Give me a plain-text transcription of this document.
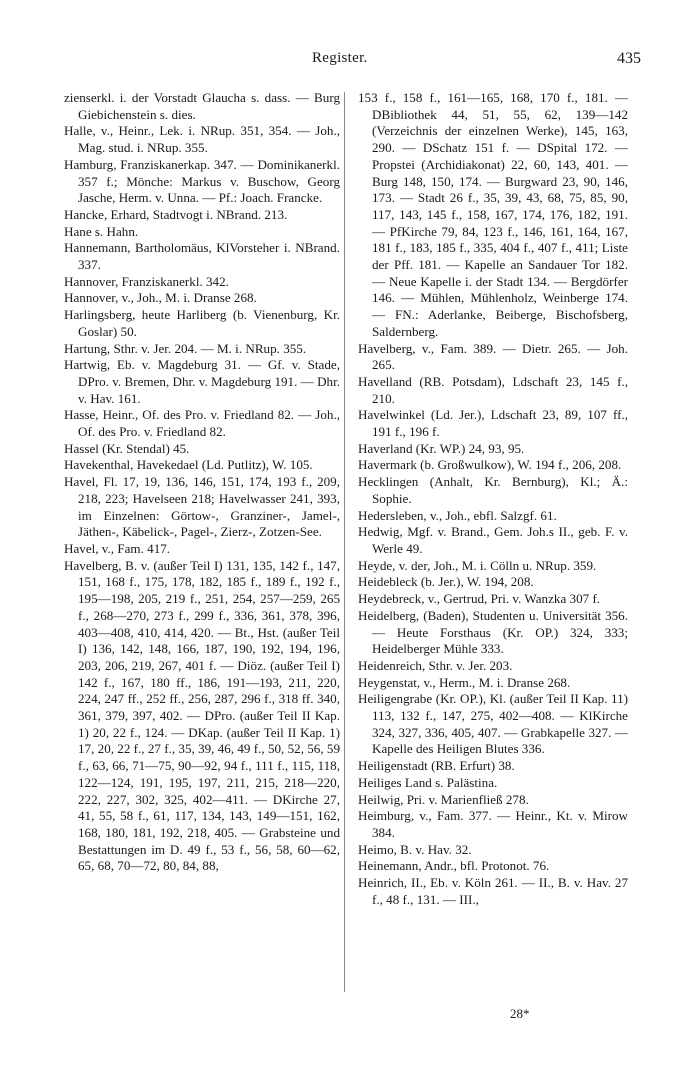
Register.	435

zienserkl. i. der Vorstadt Glaucha s. dass. — Burg Giebichenstein s. dies.

Halle, v., Heinr., Lek. i. NRup. 351, 354. — Joh., Mag. stud. i. NRup. 355.

Hamburg, Franziskanerkap. 347. — Dominikanerkl. 357 f.; Mönche: Markus v. Buschow, Georg Jasche, Herm. v. Unna. — Pf.: Joach. Francke.

Hancke, Erhard, Stadtvogt i. NBrand. 213.

Hane s. Hahn.

Hannemann, Bartholomäus, KlVorsteher i. NBrand. 337.

Hannover, Franziskanerkl. 342.

Hannover, v., Joh., M. i. Dranse 268.

Harlingsberg, heute Harliberg (b. Vienenburg, Kr. Goslar) 50.

Hartung, Sthr. v. Jer. 204. — M. i. NRup. 355.

Hartwig, Eb. v. Magdeburg 31. — Gf. v. Stade, DPro. v. Bremen, Dhr. v. Magdeburg 191. — Dhr. v. Hav. 161.

Hasse, Heinr., Of. des Pro. v. Friedland 82. — Joh., Of. des Pro. v. Friedland 82.

Hassel (Kr. Stendal) 45.

Havekenthal, Havekedael (Ld. Putlitz), W. 105.

Havel, Fl. 17, 19, 136, 146, 151, 174, 193 f., 209, 218, 223; Havelseen 218; Havelwasser 241, 393, im Einzelnen: Görtow-, Granziner-, Jamel-, Jäthen-, Käbelick-, Pagel-, Zierz-, Zotzen-See.

Havel, v., Fam. 417.

Havelberg, B. v. (außer Teil I) 131, 135, 142 f., 147, 151, 168 f., 175, 178, 182, 185 f., 189 f., 192 f., 195—198, 205, 219 f., 251, 254, 257—259, 265 f., 268—270, 273 f., 299 f., 336, 361, 378, 396, 403—408, 410, 414, 420. — Bt., Hst. (außer Teil I) 136, 142, 148, 166, 187, 190, 192, 194, 196, 203, 206, 219, 267, 401 f. — Diöz. (außer Teil I) 142 f., 167, 180 ff., 186, 191—193, 211, 220, 224, 247 ff., 252 ff., 256, 287, 296 f., 318 ff. 340, 361, 379, 397, 402. — DPro. (außer Teil II Kap. 1) 20, 22 f., 124. — DKap. (außer Teil II Kap. 1) 17, 20, 22 f., 27 f., 35, 39, 46, 49 f., 50, 52, 56, 59 f., 63, 66, 71—75, 90—92, 94 f., 111 f., 115, 118, 122—124, 191, 195, 197, 211, 215, 218—220, 222, 227, 302, 325, 402—411. — DKirche 27, 41, 55, 58 f., 61, 117, 134, 143, 149—151, 162, 168, 180, 181, 192, 218, 405. — Grabsteine und Bestattungen im D. 49 f., 53 f., 56, 58, 60—62, 65, 68, 70—72, 80, 84, 88,

153 f., 158 f., 161—165, 168, 170 f., 181. — DBibliothek 44, 51, 55, 62, 139—142 (Verzeichnis der einzelnen Werke), 145, 163, 290. — DSchatz 151 f. — DSpital 172. — Propstei (Archidiakonat) 22, 60, 143, 401. — Burg 148, 150, 174. — Burgward 23, 90, 146, 173. — Stadt 26 f., 35, 39, 43, 68, 75, 85, 90, 117, 143, 145 f., 158, 167, 174, 176, 182, 191. — PfKirche 79, 84, 123 f., 146, 161, 164, 167, 181 f., 183, 185 f., 335, 404 f., 407 f., 411; Liste der Pff. 181. — Kapelle an Sandauer Tor 182. — Neue Kapelle i. der Stadt 134. — Bergdörfer 146. — Mühlen, Mühlenholz, Weinberge 174. — FN.: Aderlanke, Beiberge, Bischofsberg, Saldernberg.

Havelberg, v., Fam. 389. — Dietr. 265. — Joh. 265.

Havelland (RB. Potsdam), Ldschaft 23, 145 f., 210.

Havelwinkel (Ld. Jer.), Ldschaft 23, 89, 107 ff., 191 f., 196 f.

Haverland (Kr. WP.) 24, 93, 95.

Havermark (b. Großwulkow), W. 194 f., 206, 208.

Hecklingen (Anhalt, Kr. Bernburg), Kl.; Ä.: Sophie.

Hedersleben, v., Joh., ebfl. Salzgf. 61.

Hedwig, Mgf. v. Brand., Gem. Joh.s II., geb. F. v. Werle 49.

Heyde, v. der, Joh., M. i. Cölln u. NRup. 359.

Heidebleck (b. Jer.), W. 194, 208.

Heydebreck, v., Gertrud, Pri. v. Wanzka 307 f.

Heidelberg, (Baden), Studenten u. Universität 356. — Heute Forsthaus (Kr. OP.) 324, 333; Heidelberger Mühle 333.

Heidenreich, Sthr. v. Jer. 203.

Heygenstat, v., Herm., M. i. Dranse 268.

Heiligengrabe (Kr. OP.), Kl. (außer Teil II Kap. 11) 113, 132 f., 147, 275, 402—408. — KlKirche 324, 327, 336, 405, 407. — Grabkapelle 327. — Kapelle des Heiligen Blutes 336.

Heiligenstadt (RB. Erfurt) 38.

Heiliges Land s. Palästina.

Heilwig, Pri. v. Marienfließ 278.

Heimburg, v., Fam. 377. — Heinr., Kt. v. Mirow 384.

Heimo, B. v. Hav. 32.

Heinemann, Andr., bfl. Protonot. 76.

Heinrich, II., Eb. v. Köln 261. — II., B. v. Hav. 27 f., 48 f., 131. — III.,

28*
